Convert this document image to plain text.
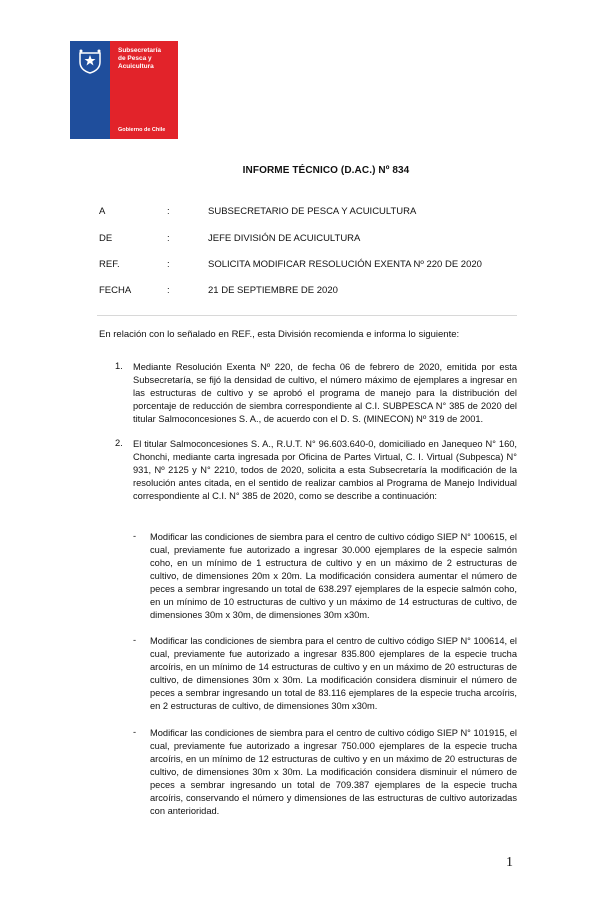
Subsecretaría
de Pesca y
Acuicultura
Gobierno de Chile
INFORME TÉCNICO (D.AC.) Nº 834
A	:	SUBSECRETARIO DE PESCA Y ACUICULTURA
DE	:	JEFE DIVISIÓN DE ACUICULTURA
REF.	:	SOLICITA MODIFICAR RESOLUCIÓN EXENTA Nº 220 DE 2020
FECHA	:	21 DE SEPTIEMBRE DE 2020
En relación con lo señalado en REF., esta División recomienda e informa lo siguiente:
1. Mediante Resolución Exenta Nº 220, de fecha 06 de febrero de 2020, emitida por esta Subsecretaría, se fijó la densidad de cultivo, el número máximo de ejemplares a ingresar en las estructuras de cultivo y se aprobó el programa de manejo para la distribución del porcentaje de reducción de siembra correspondiente al C.I. SUBPESCA N° 385 de 2020 del titular Salmoconcesiones S. A., de acuerdo con el D. S. (MINECON) Nº 319 de 2001.
2. El titular Salmoconcesiones S. A., R.U.T. N° 96.603.640-0, domiciliado en Janequeo N° 160, Chonchi, mediante carta ingresada por Oficina de Partes Virtual, C. I. Virtual (Subpesca) N° 931, Nº 2125 y N° 2210, todos de 2020, solicita a esta Subsecretaría la modificación de la resolución antes citada, en el sentido de realizar cambios al Programa de Manejo Individual correspondiente al C.I. N° 385 de 2020, como se describe a continuación:
- Modificar las condiciones de siembra para el centro de cultivo código SIEP N° 100615, el cual, previamente fue autorizado a ingresar 30.000 ejemplares de la especie salmón coho, en un mínimo de 1 estructura de cultivo y en un máximo de 2 estructuras de cultivo, de dimensiones 20m x 20m. La modificación considera aumentar el número de peces a sembrar ingresando un total de 638.297 ejemplares de la especie salmón coho, en un mínimo de 10 estructuras de cultivo y un máximo de 14 estructuras de cultivo, de dimensiones 30m x 30m, de dimensiones 30m x30m.
- Modificar las condiciones de siembra para el centro de cultivo código SIEP N° 100614, el cual, previamente fue autorizado a ingresar 835.800 ejemplares de la especie trucha arcoíris, en un mínimo de 14 estructuras de cultivo y en un máximo de 20 estructuras de cultivo, de dimensiones 30m x 30m. La modificación considera disminuir el número de peces a sembrar ingresando un total de 83.116 ejemplares de la especie trucha arcoíris, en 2 estructuras de cultivo, de dimensiones 30m x30m.
- Modificar las condiciones de siembra para el centro de cultivo código SIEP N° 101915, el cual, previamente fue autorizado a ingresar 750.000 ejemplares de la especie trucha arcoíris, en un mínimo de 12 estructuras de cultivo y en un máximo de 20 estructuras de cultivo, de dimensiones 30m x 30m. La modificación considera disminuir el número de peces a sembrar ingresando un total de 709.387 ejemplares de la especie trucha arcoíris, conservando el número y dimensiones de las estructuras de cultivo autorizadas con anterioridad.
1
